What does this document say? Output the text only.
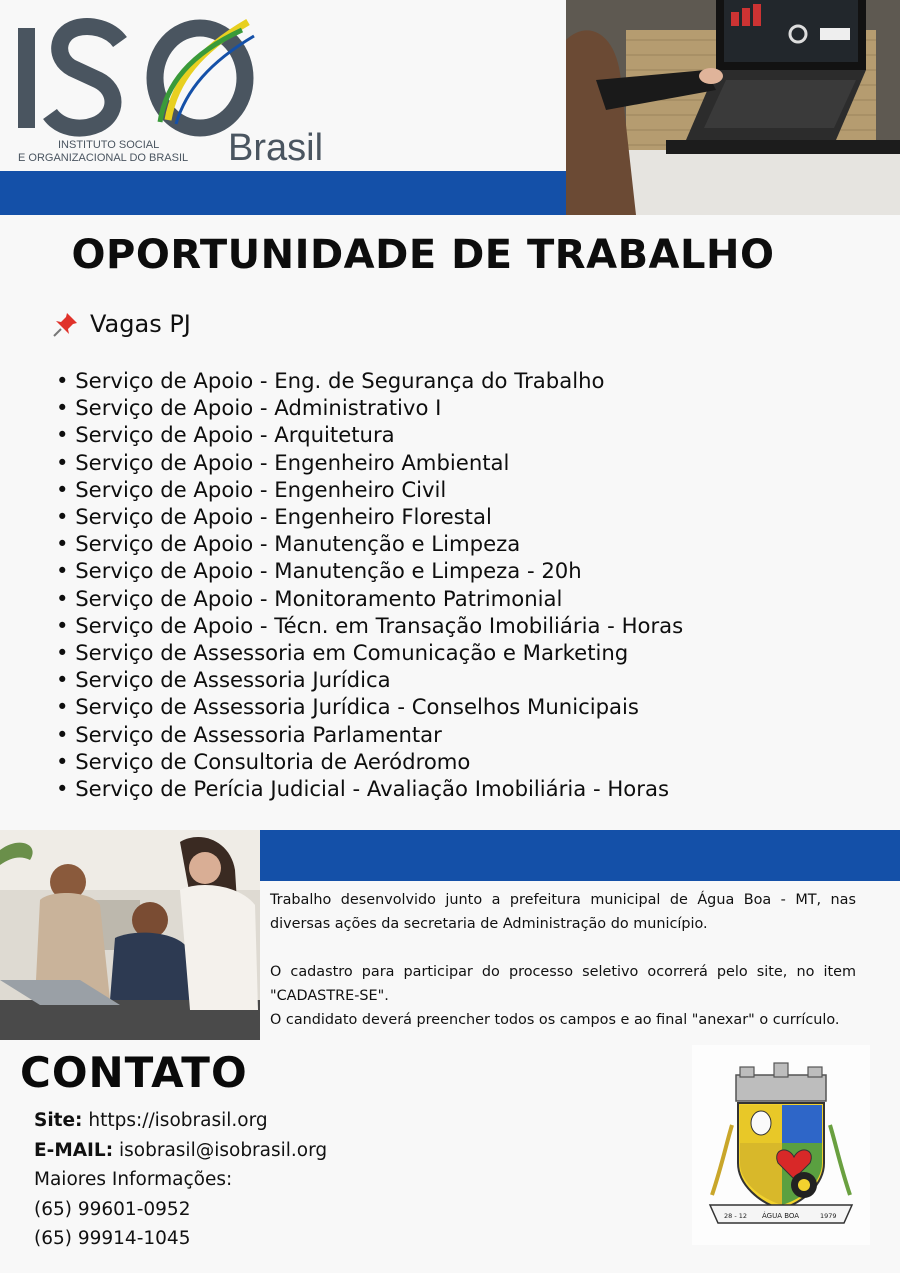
INSTITUTO SOCIAL
E ORGANIZACIONAL DO BRASIL Brasil
OPORTUNIDADE DE TRABALHO
Vagas PJ
• Serviço de Apoio - Eng. de Segurança do Trabalho
• Serviço de Apoio - Administrativo I
• Serviço de Apoio - Arquitetura
• Serviço de Apoio - Engenheiro Ambiental
• Serviço de Apoio - Engenheiro Civil
• Serviço de Apoio - Engenheiro Florestal
• Serviço de Apoio - Manutenção e Limpeza
• Serviço de Apoio - Manutenção e Limpeza - 20h
• Serviço de Apoio - Monitoramento Patrimonial
• Serviço de Apoio - Técn. em Transação Imobiliária - Horas
• Serviço de Assessoria em Comunicação e Marketing
• Serviço de Assessoria Jurídica
• Serviço de Assessoria Jurídica - Conselhos Municipais
• Serviço de Assessoria Parlamentar
• Serviço de Consultoria de Aeródromo
• Serviço de Perícia Judicial - Avaliação Imobiliária - Horas

Trabalho desenvolvido junto a prefeitura municipal de Água Boa - MT, nas diversas ações da secretaria de Administração do município.

O cadastro para participar do processo seletivo ocorrerá pelo site, no item "CADASTRE-SE".

O candidato deverá preencher todos os campos e ao final "anexar" o currículo.

CONTATO
Site: https://isobrasil.org
E-MAIL: isobrasil@isobrasil.org
Maiores Informações:
(65) 99601-0952
(65) 99914-1045
28 - 12 ÁGUA BOA	1979
